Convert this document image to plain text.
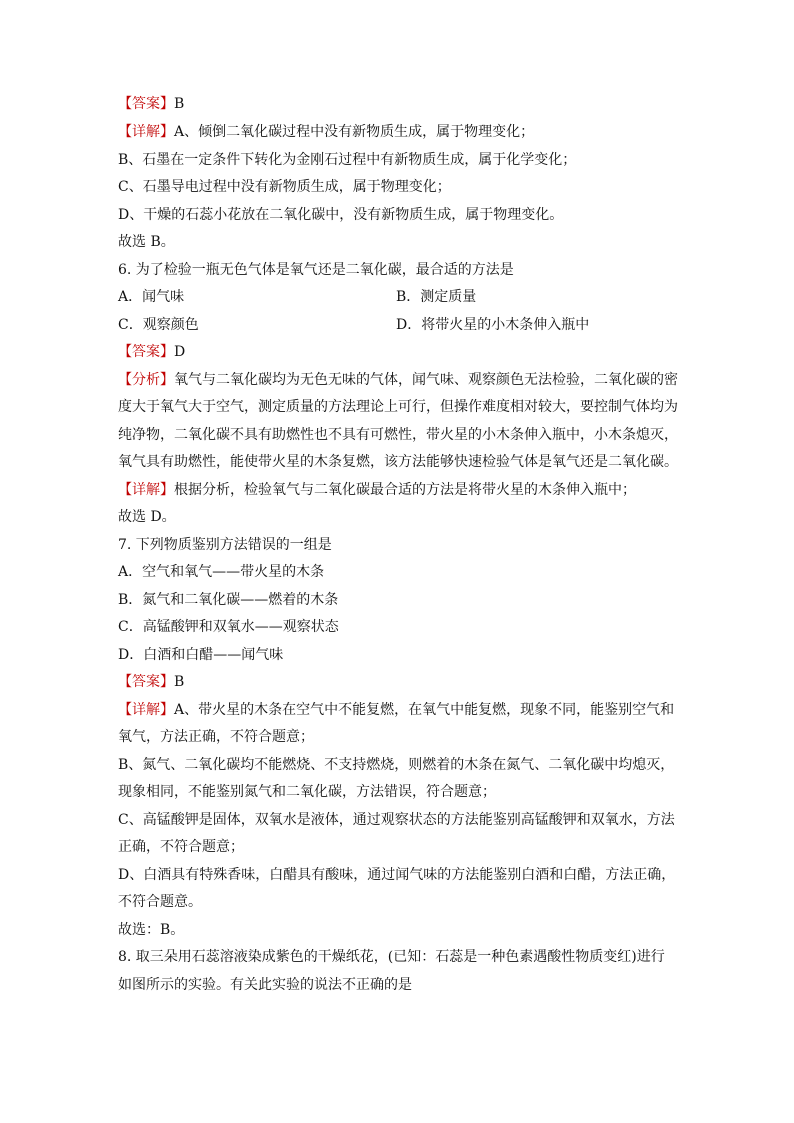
【答案】B
【详解】A、倾倒二氧化碳过程中没有新物质生成，属于物理变化；
B、石墨在一定条件下转化为金刚石过程中有新物质生成，属于化学变化；
C、石墨导电过程中没有新物质生成，属于物理变化；
D、干燥的石蕊小花放在二氧化碳中，没有新物质生成，属于物理变化。
故选 B。
6. 为了检验一瓶无色气体是氧气还是二氧化碳，最合适的方法是
A．闻气味	B．测定质量
C．观察颜色	D．将带火星的小木条伸入瓶中
【答案】D
【分析】氧气与二氧化碳均为无色无味的气体，闻气味、观察颜色无法检验，二氧化碳的密
度大于氧气大于空气，测定质量的方法理论上可行，但操作难度相对较大，要控制气体均为
纯净物，二氧化碳不具有助燃性也不具有可燃性，带火星的小木条伸入瓶中，小木条熄灭，
氧气具有助燃性，能使带火星的木条复燃，该方法能够快速检验气体是氧气还是二氧化碳。
【详解】根据分析，检验氧气与二氧化碳最合适的方法是将带火星的木条伸入瓶中；
故选 D。
7. 下列物质鉴别方法错误的一组是
A．空气和氧气——带火星的木条
B．氮气和二氧化碳——燃着的木条
C．高锰酸钾和双氧水——观察状态
D．白酒和白醋——闻气味
【答案】B
【详解】A、带火星的木条在空气中不能复燃，在氧气中能复燃，现象不同，能鉴别空气和
氧气，方法正确，不符合题意；
B、氮气、二氧化碳均不能燃烧、不支持燃烧，则燃着的木条在氮气、二氧化碳中均熄灭，
现象相同，不能鉴别氮气和二氧化碳，方法错误，符合题意；
C、高锰酸钾是固体，双氧水是液体，通过观察状态的方法能鉴别高锰酸钾和双氧水，方法
正确，不符合题意；
D、白酒具有特殊香味，白醋具有酸味，通过闻气味的方法能鉴别白酒和白醋，方法正确，
不符合题意。
故选：B。
8. 取三朵用石蕊溶液染成紫色的干燥纸花，(已知：石蕊是一种色素遇酸性物质变红)进行
如图所示的实验。有关此实验的说法不正确的是
